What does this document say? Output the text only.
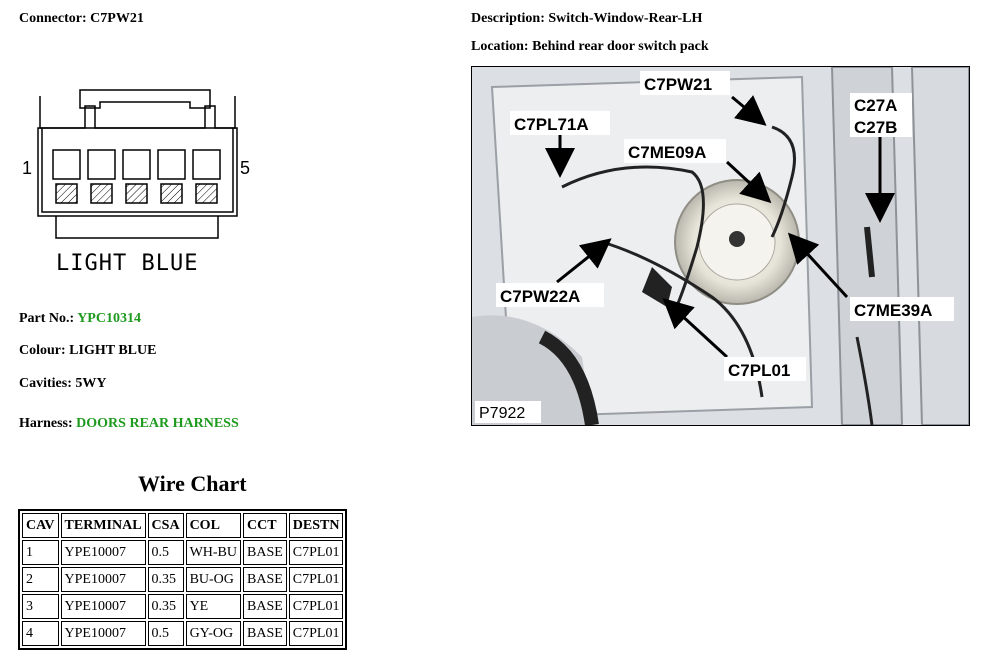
Connector: C7PW21	Description: Switch-Window-Rear-LH
Location: Behind rear door switch pack
1	5
LIGHT BLUE
Part No.: YPC10314
Colour: LIGHT BLUE
Cavities: 5WY
Harness: DOORS REAR HARNESS
C7PW21
C7PL71A
C7ME09A
C27A
C27B
C7PW22A
C7ME39A
C7PL01
P7922
Wire Chart
CAV	TERMINAL	CSA	COL	CCT	DESTN
1	YPE10007	0.5	WH-BU	BASE	C7PL01
2	YPE10007	0.35	BU-OG	BASE	C7PL01
3	YPE10007	0.35	YE	BASE	C7PL01
4	YPE10007	0.5	GY-OG	BASE	C7PL01
